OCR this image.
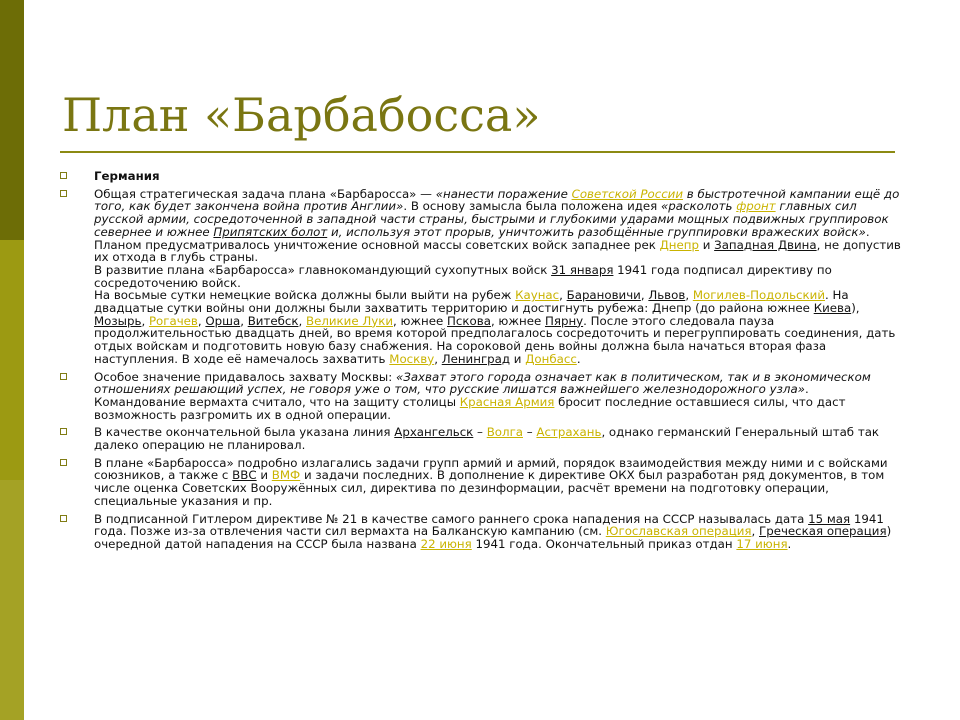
План «Барбабосса»
Германия
Общая стратегическая задача плана «Барбаросса» — «нанести поражение Советской России в быстротечной кампании ещё до того, как будет закончена война против Англии». В основу замысла была положена идея «расколоть фронт главных сил русской армии, сосредоточенной в западной части страны, быстрыми и глубокими ударами мощных подвижных группировок севернее и южнее Припятских болот и, используя этот прорыв, уничтожить разобщённые группировки вражеских войск». Планом предусматривалось уничтожение основной массы советских войск западнее рек Днепр и Западная Двина, не допустив их отхода в глубь страны.
В развитие плана «Барбаросса» главнокомандующий сухопутных войск 31 января 1941 года подписал директиву по сосредоточению войск.
На восьмые сутки немецкие войска должны были выйти на рубеж Каунас, Барановичи, Львов, Могилев-Подольский. На двадцатые сутки войны они должны были захватить территорию и достигнуть рубежа: Днепр (до района южнее Киева), Мозырь, Рогачев, Орша, Витебск, Великие Луки, южнее Пскова, южнее Пярну. После этого следовала пауза продолжительностью двадцать дней, во время которой предполагалось сосредоточить и перегруппировать соединения, дать отдых войскам и подготовить новую базу снабжения. На сороковой день войны должна была начаться вторая фаза наступления. В ходе её намечалось захватить Москву, Ленинград и Донбасс.
Особое значение придавалось захвату Москвы: «Захват этого города означает как в политическом, так и в экономическом отношениях решающий успех, не говоря уже о том, что русские лишатся важнейшего железнодорожного узла».
Командование вермахта считало, что на защиту столицы Красная Армия бросит последние оставшиеся силы, что даст возможность разгромить их в одной операции.
В качестве окончательной была указана линия Архангельск – Волга – Астрахань, однако германский Генеральный штаб так далеко операцию не планировал.
В плане «Барбаросса» подробно излагались задачи групп армий и армий, порядок взаимодействия между ними и с войсками союзников, а также с ВВС и ВМФ и задачи последних. В дополнение к директиве ОКХ был разработан ряд документов, в том числе оценка Советских Вооружённых сил, директива по дезинформации, расчёт времени на подготовку операции, специальные указания и пр.
В подписанной Гитлером директиве № 21 в качестве самого раннего срока нападения на СССР называлась дата 15 мая 1941 года. Позже из-за отвлечения части сил вермахта на Балканскую кампанию (см. Югославская операция, Греческая операция) очередной датой нападения на СССР была названа 22 июня 1941 года. Окончательный приказ отдан 17 июня.
